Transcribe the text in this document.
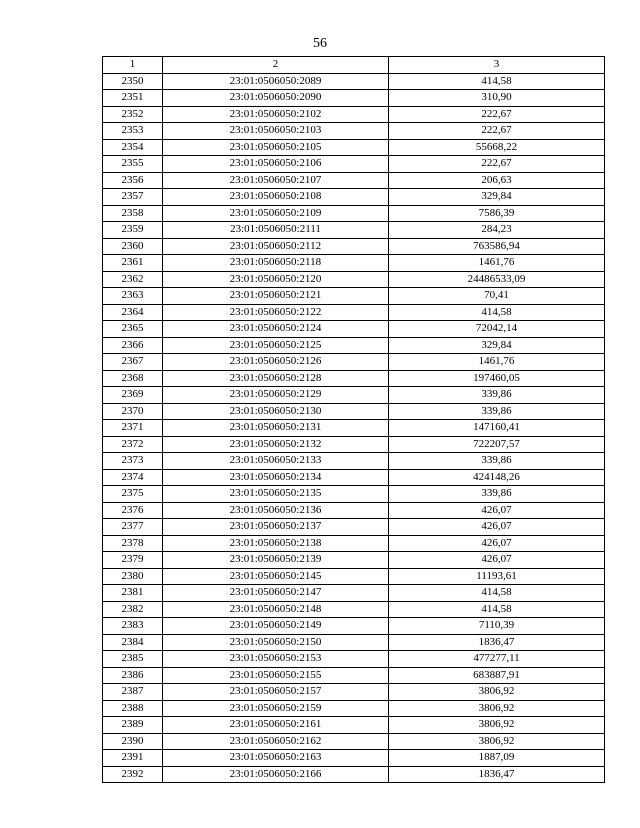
56
1	2	3
2350	23:01:0506050:2089	414,58
2351	23:01:0506050:2090	310,90
2352	23:01:0506050:2102	222,67
2353	23:01:0506050:2103	222,67
2354	23:01:0506050:2105	55668,22
2355	23:01:0506050:2106	222,67
2356	23:01:0506050:2107	206,63
2357	23:01:0506050:2108	329,84
2358	23:01:0506050:2109	7586,39
2359	23:01:0506050:2111	284,23
2360	23:01:0506050:2112	763586,94
2361	23:01:0506050:2118	1461,76
2362	23:01:0506050:2120	24486533,09
2363	23:01:0506050:2121	70,41
2364	23:01:0506050:2122	414,58
2365	23:01:0506050:2124	72042,14
2366	23:01:0506050:2125	329,84
2367	23:01:0506050:2126	1461,76
2368	23:01:0506050:2128	197460,05
2369	23:01:0506050:2129	339,86
2370	23:01:0506050:2130	339,86
2371	23:01:0506050:2131	147160,41
2372	23:01:0506050:2132	722207,57
2373	23:01:0506050:2133	339,86
2374	23:01:0506050:2134	424148,26
2375	23:01:0506050:2135	339,86
2376	23:01:0506050:2136	426,07
2377	23:01:0506050:2137	426,07
2378	23:01:0506050:2138	426,07
2379	23:01:0506050:2139	426,07
2380	23:01:0506050:2145	11193,61
2381	23:01:0506050:2147	414,58
2382	23:01:0506050:2148	414,58
2383	23:01:0506050:2149	7110,39
2384	23:01:0506050:2150	1836,47
2385	23:01:0506050:2153	477277,11
2386	23:01:0506050:2155	683887,91
2387	23:01:0506050:2157	3806,92
2388	23:01:0506050:2159	3806,92
2389	23:01:0506050:2161	3806,92
2390	23:01:0506050:2162	3806,92
2391	23:01:0506050:2163	1887,09
2392	23:01:0506050:2166	1836,47
